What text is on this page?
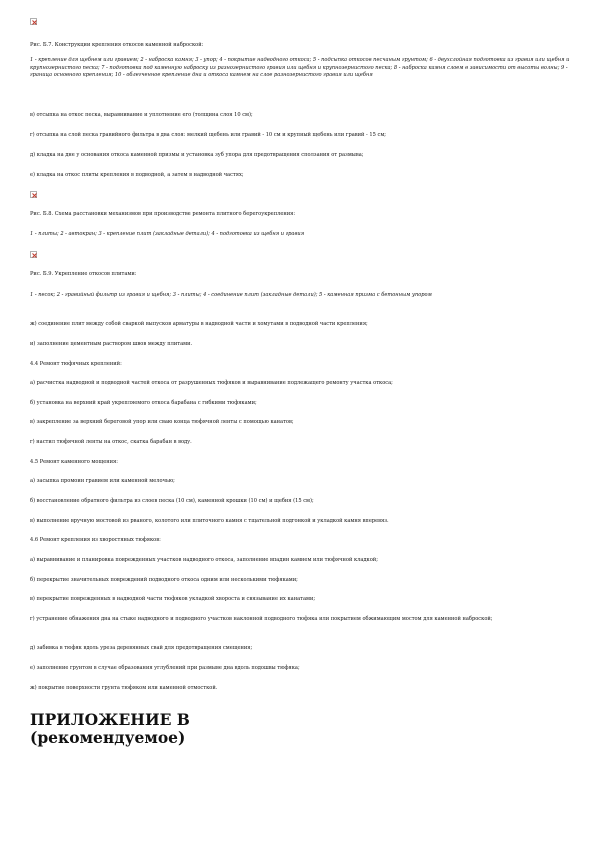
Рис. Б.7. Конструкции крепления откосов каменной наброской:

1 - крепление для щебнем или гравием; 2 - наброска камня; 3 - упор; 4 - покрытие надводного откоса; 5 - подсыпка откосов песчаным грунтом; 6 - двухслойная подготовка из гравия или щебня и крупнозернистого песка; 7 - подготовка под каменную наброску из разнозернистого гравия или щебня и крупнозернистого песка; 8 - наброска камня слоем в зависимости от высоты волны; 9 - граница основного крепления; 10 - облегченное крепление дна и откоса камнем на слое разнозернистого гравия или щебня

в) отсыпка на откос песка, выравнивание и уплотнение его (толщина слоя 10 см);

г) отсыпка на слой песка гравийного фильтра в два слоя: мелкий щебень или гравий - 10 см и крупный щебень или гравий - 15 см;

д) кладка на дне у основания откоса каменной призмы и установка зуб упора для предотвращения сползания от размыва;

е) кладка на откос плиты крепления в подводной, а затем в надводной частях;

Рис. Б.8. Схема расстановки механизмов при производстве ремонта плитного берегоукрепления:

1 - плиты; 2 - автокран; 3 - крепление плит (закладные детали); 4 - подготовка из щебня и гравия

Рис. Б.9. Укрепление откосов плитами:

1 - песок; 2 - гравийный фильтр из гравия и щебня; 3 - плиты; 4 - соединение плит (закладные детали); 5 - каменная призма с бетонным упором

ж) соединение плит между собой сваркой выпусков арматуры в надводной части и хомутами в подводной части крепления;

и) заполнение цементным раствором швов между плитами.

4.4 Ремонт тюфячных креплений:

а) расчистка надводной и подводной частей откоса от разрушенных тюфяков и выравнивание подлежащего ремонту участка откоса;

б) установка на верхний край укрепляемого откоса барабана с гибкими тюфяками;

в) закрепление за верхний береговой упор или сваю конца тюфячной ленты с помощью канатов;

г) настил тюфячной ленты на откос, скатка барабан в воду.

4.5 Ремонт каменного мощения:

а) засыпка промоин гравием или каменной мелочью;

б) восстановление обратного фильтра из слоев песка (10 см), каменной крошки (10 см) и щебня (15 см);

в) выполнение вручную мостовой из рваного, колотого или плиточного камня с тщательной подгонкой и укладкой камня вперевяз.

4.6 Ремонт крепления из хворостяных тюфяков:

а) выравнивание и планировка поврежденных участков надводного откоса, заполнение впадин камнем или тюфячной кладкой;

б) перекрытие значительных повреждений подводного откоса одним или несколькими тюфяками;

в) перекрытие поврежденных в надводной части тюфяков укладкой хвороста и связывание их канатами;

г) устранение обнажения дна на стыке надводного и подводного участков наклонной подводного тюфяка или покрытием обжимающим мостом для каменной наброской;

д) забивка в тюфяк вдоль уреза деревянных свай для предотвращения смещения;

е) заполнение грунтом в случае образования углублений при размыве дна вдоль подошвы тюфяка;

ж) покрытие поверхности грунта тюфяком или каменной отмосткой.

ПРИЛОЖЕНИЕ В
(рекомендуемое)
